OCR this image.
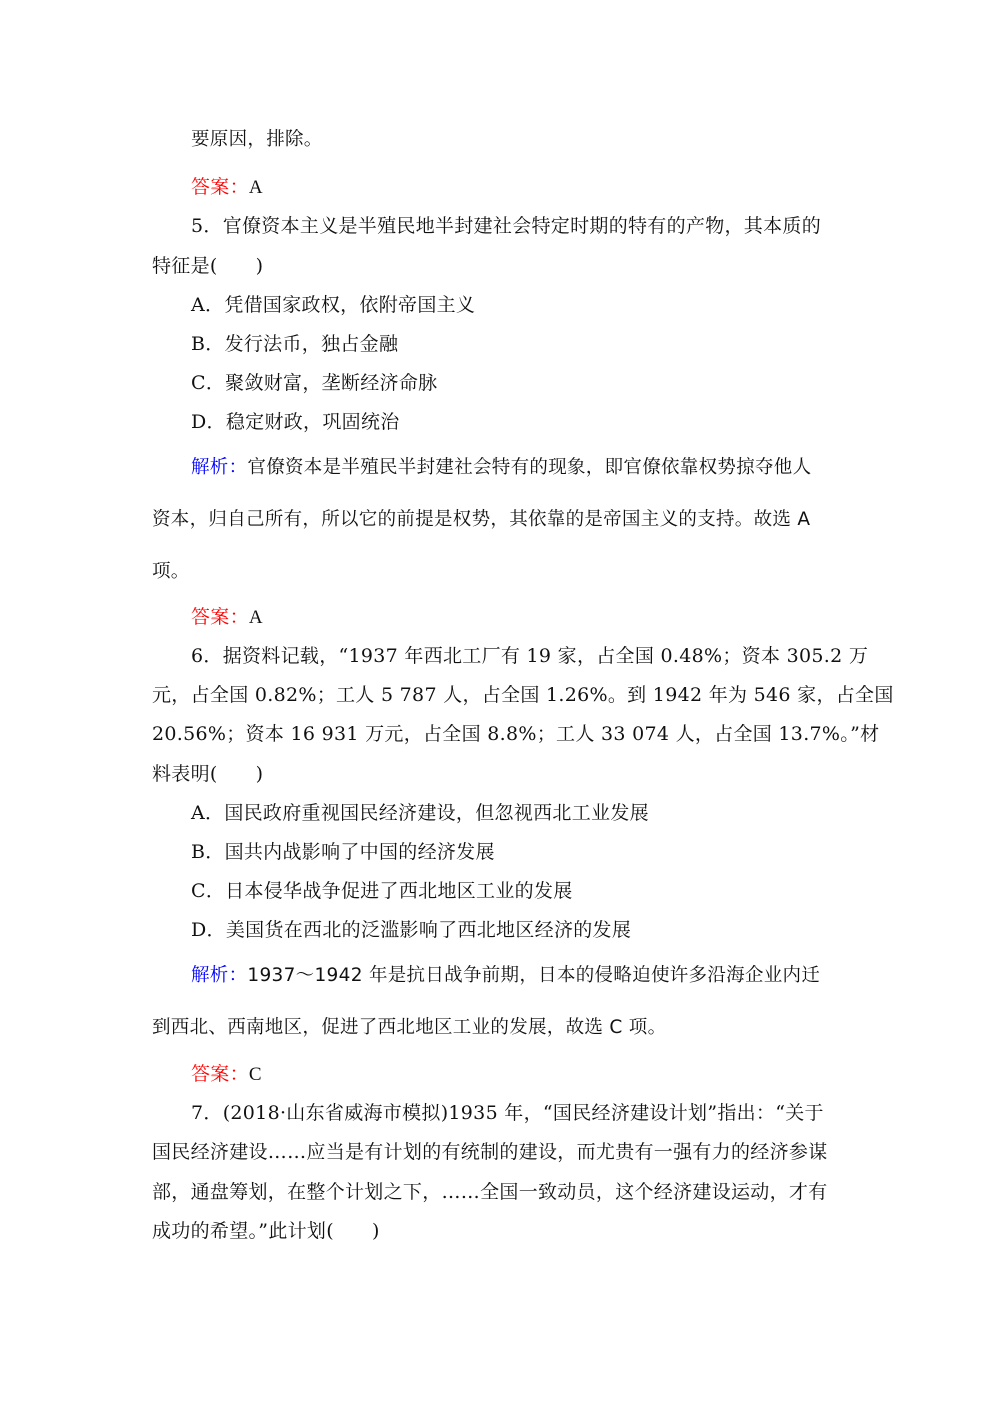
要原因，排除。
答案：A
5．官僚资本主义是半殖民地半封建社会特定时期的特有的产物，其本质的
特征是( )
A．凭借国家政权，依附帝国主义
B．发行法币，独占金融
C．聚敛财富，垄断经济命脉
D．稳定财政，巩固统治
解析：官僚资本是半殖民半封建社会特有的现象，即官僚依靠权势掠夺他人
资本，归自己所有，所以它的前提是权势，其依靠的是帝国主义的支持。故选 A
项。
答案：A
6．据资料记载，“1937 年西北工厂有 19 家，占全国 0.48%；资本 305.2 万
元，占全国 0.82%；工人 5 787 人，占全国 1.26%。到 1942 年为 546 家，占全国
20.56%；资本 16 931 万元，占全国 8.8%；工人 33 074 人，占全国 13.7%。”材
料表明( )
A．国民政府重视国民经济建设，但忽视西北工业发展
B．国共内战影响了中国的经济发展
C．日本侵华战争促进了西北地区工业的发展
D．美国货在西北的泛滥影响了西北地区经济的发展
解析：1937～1942 年是抗日战争前期，日本的侵略迫使许多沿海企业内迁
到西北、西南地区，促进了西北地区工业的发展，故选 C 项。
答案：C
7．(2018·山东省威海市模拟)1935 年，“国民经济建设计划”指出：“关于
国民经济建设……应当是有计划的有统制的建设，而尤贵有一强有力的经济参谋
部，通盘筹划，在整个计划之下，……全国一致动员，这个经济建设运动，才有
成功的希望。”此计划( )
